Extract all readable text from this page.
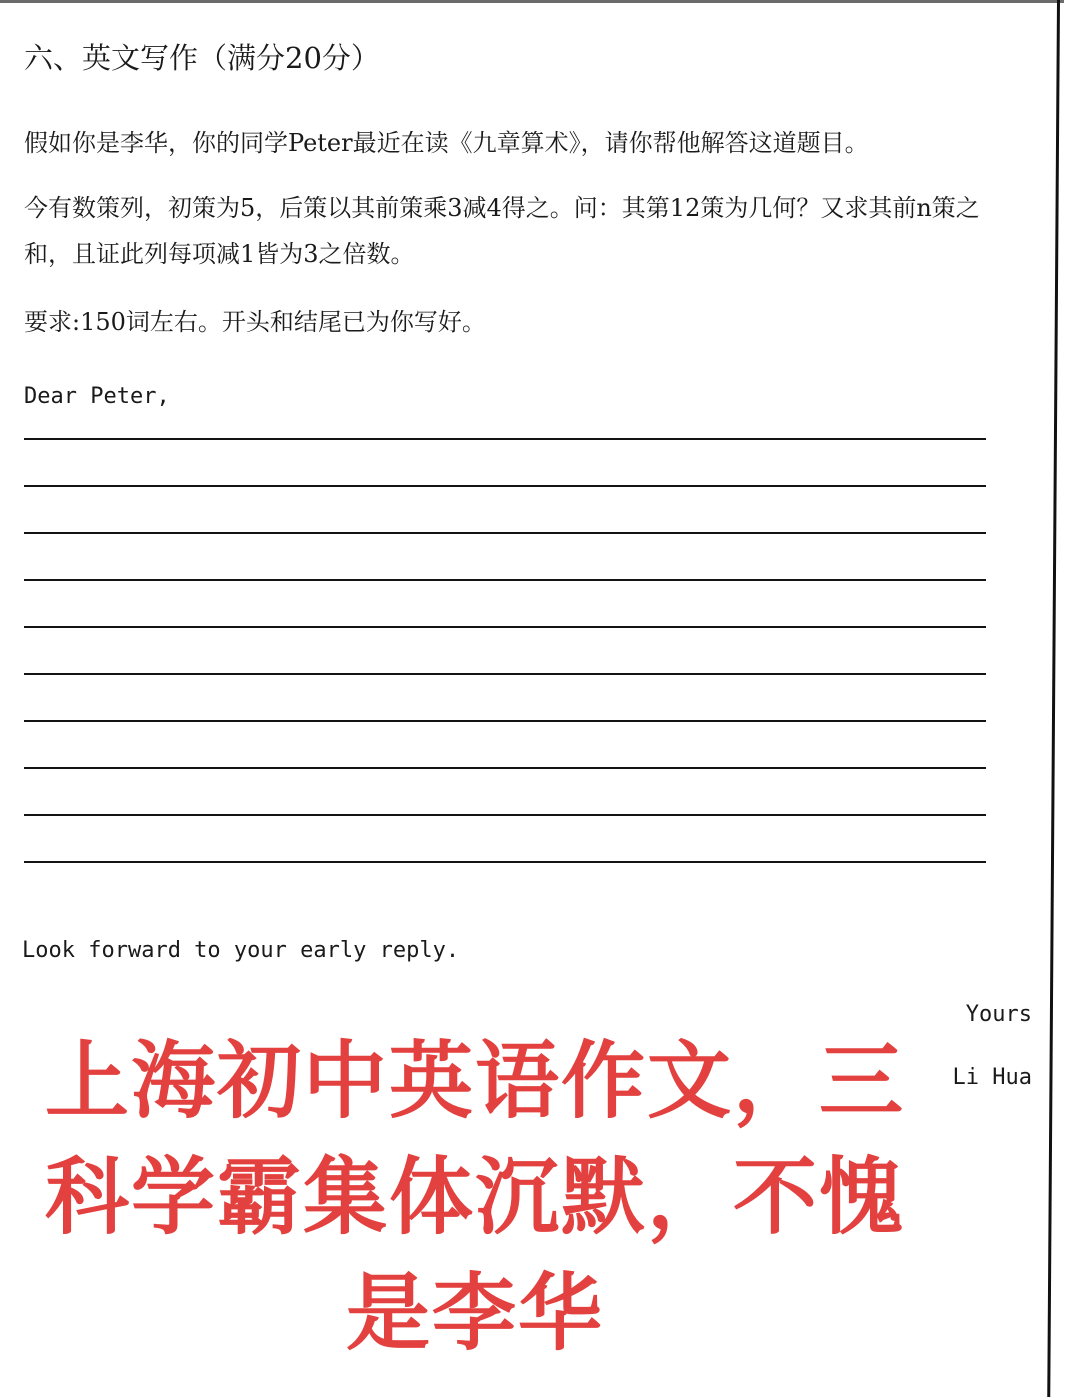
六、英文写作（满分20分）
假如你是李华，你的同学Peter最近在读《九章算术》，请你帮他解答这道题目。
今有数策列，初策为5，后策以其前策乘3减4得之。问：其第12策为几何？又求其前n策之和，且证此列每项减1皆为3之倍数。
要求:150词左右。开头和结尾已为你写好。
Dear Peter,
Look forward to your early reply.
Yours
Li Hua
上海初中英语作文，三科学霸集体沉默，不愧是李华
